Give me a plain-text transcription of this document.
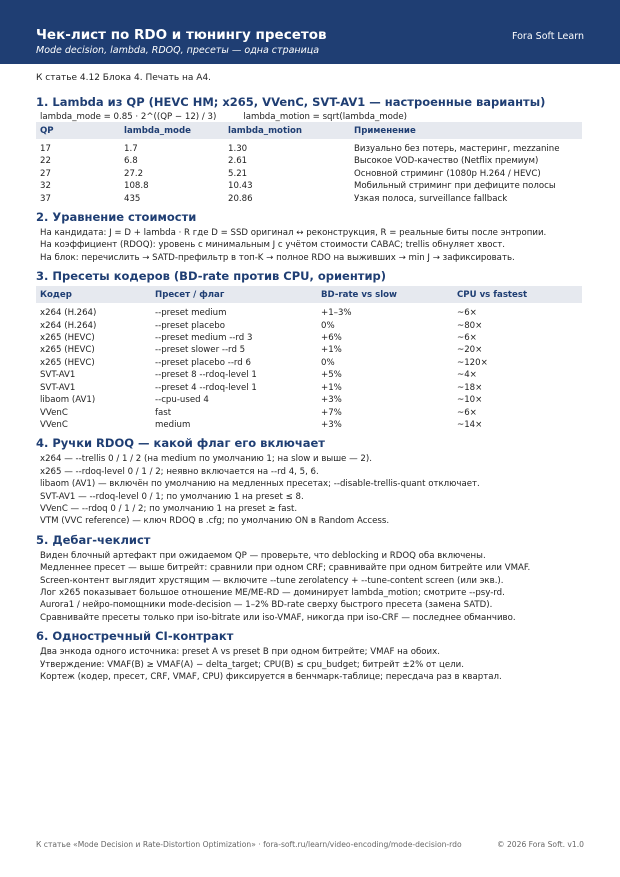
Чек-лист по RDO и тюнингу пресетов
Mode decision, lambda, RDOQ, пресеты — одна страница
Fora Soft Learn
К статье 4.12 Блока 4. Печать на A4.
1. Lambda из QP (HEVC HM; x265, VVenC, SVT-AV1 — настроенные варианты)
lambda_mode = 0.85 · 2^((QP − 12) / 3)	lambda_motion = sqrt(lambda_mode)
QP	lambda_mode	lambda_motion	Применение
17	1.7	1.30	Визуально без потерь, мастеринг, mezzanine
22	6.8	2.61	Высокое VOD-качество (Netflix премиум)
27	27.2	5.21	Основной стриминг (1080p H.264 / HEVC)
32	108.8	10.43	Мобильный стриминг при дефиците полосы
37	435	20.86	Узкая полоса, surveillance fallback
2. Уравнение стоимости
На кандидата: J = D + lambda · R где D = SSD оригинал ↔ реконструкция, R = реальные биты после энтропии.
На коэффициент (RDOQ): уровень с минимальным J с учётом стоимости CABAC; trellis обнуляет хвост.
На блок: перечислить → SATD-префильтр в топ-K → полное RDO на выживших → min J → зафиксировать.
3. Пресеты кодеров (BD-rate против CPU, ориентир)
Кодер	Пресет / флаг	BD-rate vs slow	CPU vs fastest
x264 (H.264)	--preset medium	+1–3%	~6×
x264 (H.264)	--preset placebo	0%	~80×
x265 (HEVC)	--preset medium --rd 3	+6%	~6×
x265 (HEVC)	--preset slower --rd 5	+1%	~20×
x265 (HEVC)	--preset placebo --rd 6	0%	~120×
SVT-AV1	--preset 8 --rdoq-level 1	+5%	~4×
SVT-AV1	--preset 4 --rdoq-level 1	+1%	~18×
libaom (AV1)	--cpu-used 4	+3%	~10×
VVenC	fast	+7%	~6×
VVenC	medium	+3%	~14×
4. Ручки RDOQ — какой флаг его включает
x264 — --trellis 0 / 1 / 2 (на medium по умолчанию 1; на slow и выше — 2).
x265 — --rdoq-level 0 / 1 / 2; неявно включается на --rd 4, 5, 6.
libaom (AV1) — включён по умолчанию на медленных пресетах; --disable-trellis-quant отключает.
SVT-AV1 — --rdoq-level 0 / 1; по умолчанию 1 на preset ≤ 8.
VVenC — --rdoq 0 / 1 / 2; по умолчанию 1 на preset ≥ fast.
VTM (VVC reference) — ключ RDOQ в .cfg; по умолчанию ON в Random Access.
5. Дебаг-чеклист
Виден блочный артефакт при ожидаемом QP — проверьте, что deblocking и RDOQ оба включены.
Медленнее пресет — выше битрейт: сравнили при одном CRF; сравнивайте при одном битрейте или VMAF.
Screen-контент выглядит хрустящим — включите --tune zerolatency + --tune-content screen (или экв.).
Лог x265 показывает большое отношение ME/ME-RD — доминирует lambda_motion; смотрите --psy-rd.
Aurora1 / нейро-помощники mode-decision — 1–2% BD-rate сверху быстрого пресета (замена SATD).
Сравнивайте пресеты только при iso-bitrate или iso-VMAF, никогда при iso-CRF — последнее обманчиво.
6. Одностречный CI-контракт
Два энкода одного источника: preset A vs preset B при одном битрейте; VMAF на обоих.
Утверждение: VMAF(B) ≥ VMAF(A) − delta_target; CPU(B) ≤ cpu_budget; битрейт ±2% от цели.
Кортеж (кодер, пресет, CRF, VMAF, CPU) фиксируется в бенчмарк-таблице; пересдача раз в квартал.
К статье «Mode Decision и Rate-Distortion Optimization» · fora-soft.ru/learn/video-encoding/mode-decision-rdo	© 2026 Fora Soft. v1.0
